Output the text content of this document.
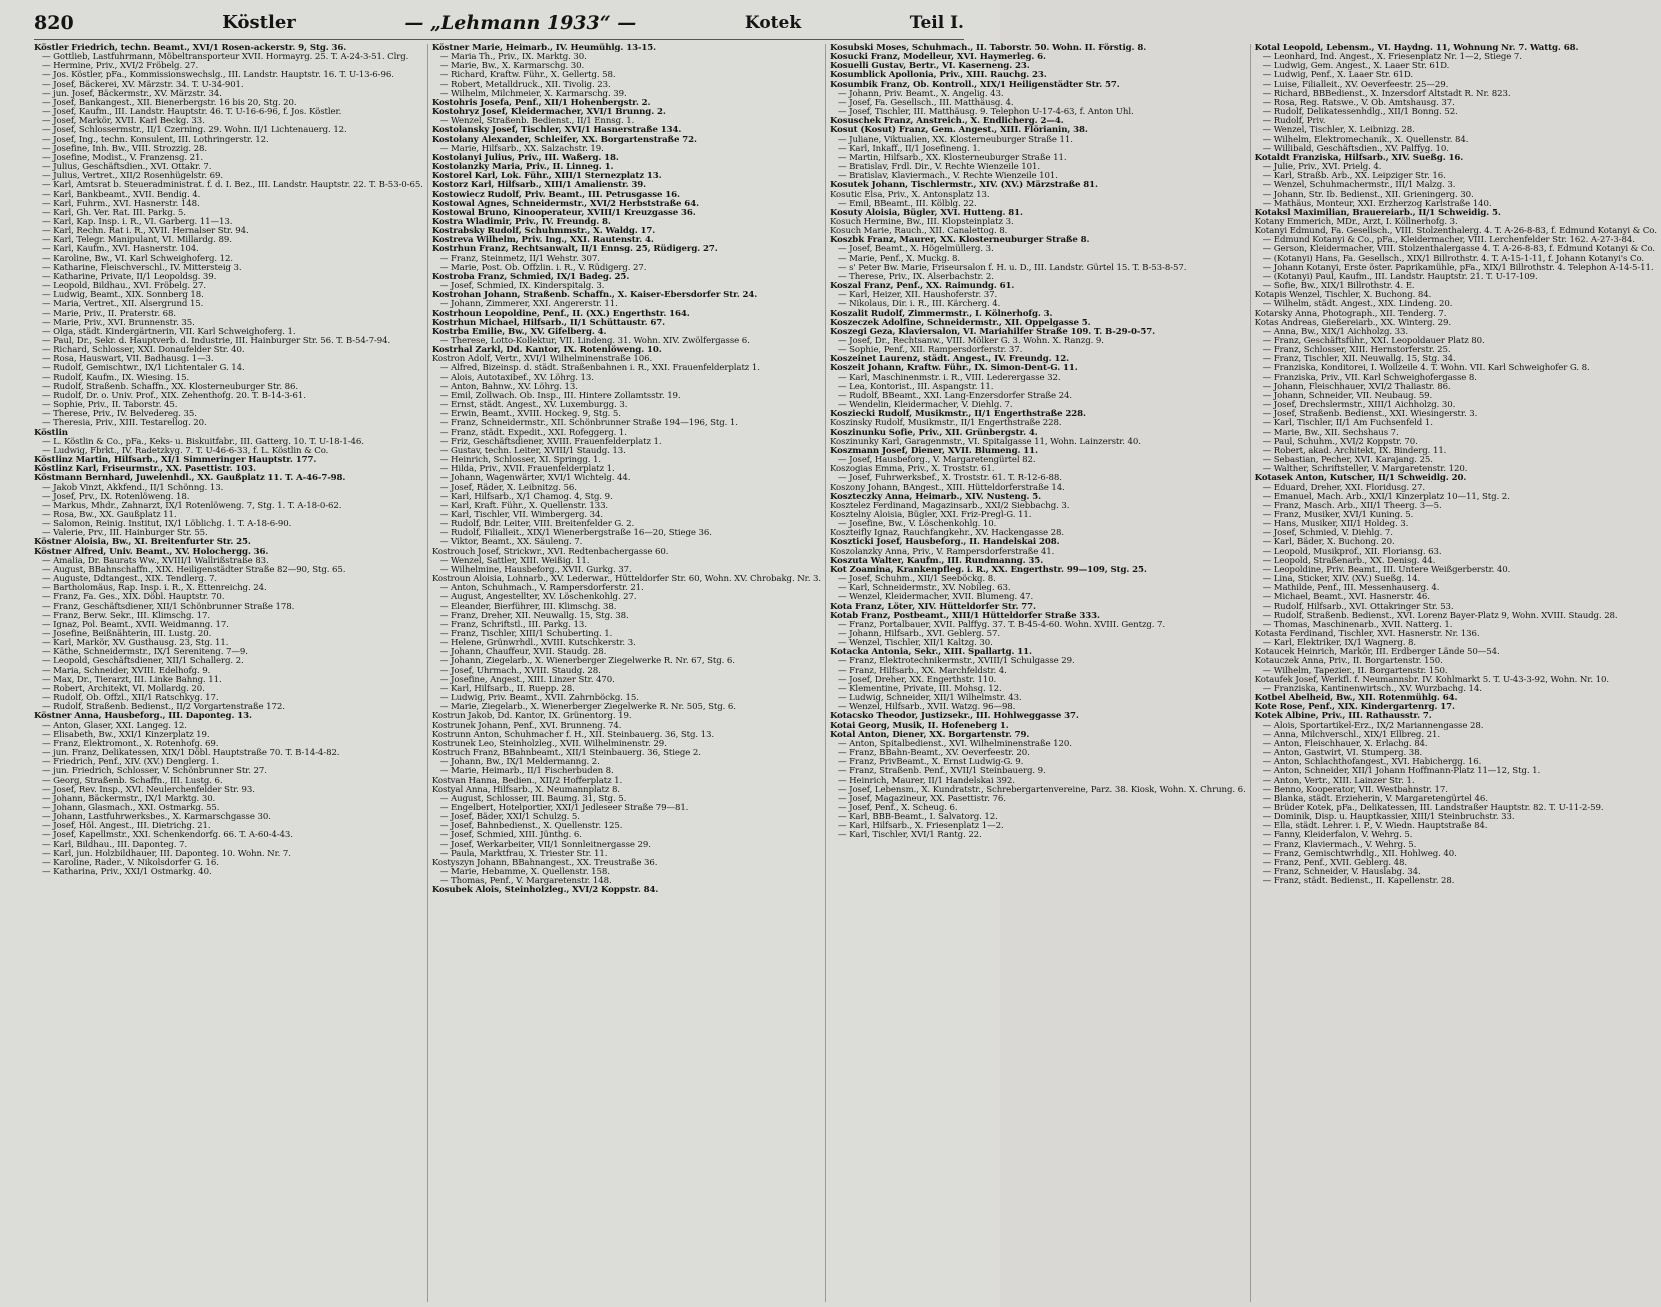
820	Köstler	— „Lehmann 1933“ —	Kotek	Teil I.
Köstler Friedrich, techn. Beamt., XVI/1 Rosen-ackerstr. 9, Stg. 36.
— Gottlieb, Lastfuhrmann, Möbeltransporteur XVII. Hormayrg. 25. T. A-24-3-51. Clrg.
— Hermine, Priv., XVI/2 Fröbelg. 27.
— Jos. Köstler, pFa., Kommissionswechslg., III. Landstr. Hauptstr. 16. T. U-13-6-96.
— Josef, Bäckerei, XV. Märzstr. 34. T. U-34-901.
— jun. Josef, Bäckermstr., XV. Märzstr. 34.
— Josef, Bankangest., XII. Bienerbergstr. 16 bis 20, Stg. 20.
— Josef, Kaufm., III. Landstr. Hauptstr. 46. T. U-16-6-96, f. Jos. Köstler.
— Josef, Markör, XVII. Karl Beckg. 33.
— Josef, Schlossermstr., II/1 Czerning. 29. Wohn. II/1 Lichtenauerg. 12.
— Josef, Ing., techn. Konsulent, III. Lothringerstr. 12.
— Josefine, Inh. Bw., VIII. Strozzig. 28.
— Josefine, Modist., V. Franzensg. 21.
— Julius, Geschäftsdien., XVI. Ottakr. 7.
— Julius, Vertret., XII/2 Rosenhügelstr. 69.
— Karl, Amtsrat b. Steueradministrat. f. d. I. Bez., III. Landstr. Hauptstr. 22. T. B-53-0-65.
— Karl, Bankbeamt., XVII. Bendig. 4.
— Karl, Fuhrm., XVI. Hasnerstr. 148.
— Karl, Gh. Ver. Rat. III. Parkg. 5.
— Karl, Kap. Insp. i. R., VI. Garberg. 11—13.
— Karl, Rechn. Rat i. R., XVII. Hernalser Str. 94.
— Karl, Telegr. Manipulant, VI. Millardg. 89.
— Karl, Kaufm., XVI. Hasnerstr. 104.
— Karoline, Bw., VI. Karl Schweighoferg. 12.
— Katharine, Fleischverschl., IV. Mittersteig 3.
— Katharine, Private, II/1 Leopoldsg. 39.
— Leopold, Bildhau., XVI. Fröbelg. 27.
— Ludwig, Beamt., XIX. Sonnberg 18.
— Maria, Vertret., XII. Alsergrund 15.
— Marie, Priv., II. Praterstr. 68.
— Marie, Priv., XVI. Brunnenstr. 35.
— Olga, städt. Kindergärtnerin, VII. Karl Schweighoferg. 1.
— Paul, Dr., Sekr. d. Hauptverb. d. Industrie, III. Hainburger Str. 56. T. B-54-7-94.
— Richard, Schlosser, XXI. Donaufelder Str. 40.
— Rosa, Hauswart, VII. Badhausg. 1—3.
— Rudolf, Gemischtwr., IX/1 Lichtentaler G. 14.
— Rudolf, Kaufm., IX. Wiesing. 15.
— Rudolf, Straßenb. Schaffn., XX. Klosterneuburger Str. 86.
— Rudolf, Dr. o. Univ. Prof., XIX. Zehenthofg. 20. T. B-14-3-61.
— Sophie, Priv., II. Taborstr. 45.
— Therese, Priv., IV. Belvedereg. 35.
— Theresia, Priv., XIII. Testarellog. 20.
Köstlin
— L. Köstlin & Co., pFa., Keks- u. Biskuitfabr., III. Gatterg. 10. T. U-18-1-46.
— Ludwig, Fbrkt., IV. Radetzkyg. 7. T. U-46-6-33, f. L. Köstlin & Co.
Köstlinz Martin, Hilfsarb., XI/1 Simmeringer Hauptstr. 177.
Köstlinz Karl, Friseurmstr., XX. Pasettistr. 103.
Köstmann Bernhard, Juwelenhdl., XX. Gaußplatz 11. T. A-46-7-98.
— Jakob Vinzt, Akkfend., II/1 Schönng. 13.
— Josef, Prv., IX. Rotenlöweng. 18.
— Markus, Mhdr., Zahnarzt, IX/1 Rotenlöweng. 7, Stg. 1. T. A-18-0-62.
— Rosa, Bw., XX. Gaußplatz 11.
— Salomon, Reinig. Institut, IX/1 Löblichg. 1. T. A-18-6-90.
— Valerie, Prv., III. Hainburger Str. 55.
Köstner Aloisia, Bw., XI. Breitenfurter Str. 25.
Köstner Alfred, Univ. Beamt., XV. Holochergg. 36.
— Amalia, Dr. Baurats Ww., XVIII/1 Wallrißstraße 83.
— August, BBahnschaffn., XIX. Heiligenstädter Straße 82—90, Stg. 65.
— Auguste, Ddtangest., XIX. Tendlerg. 7.
— Bartholomäus, Rap. Insp. i. R., X. Ettenreichg. 24.
— Franz, Fa. Ges., XIX. Döbl. Hauptstr. 70.
— Franz, Geschäftsdiener, XII/1 Schönbrunner Straße 178.
— Franz, Berw. Sekr., III. Klimschg. 17.
— Ignaz, Pol. Beamt., XVII. Weidmanng. 17.
— Josefine, Beißnähterin, III. Lustg. 20.
— Karl, Markör, XV. Gusthausg. 23, Stg. 11.
— Käthe, Schneidermstr., IX/1 Sereniteng. 7—9.
— Leopold, Geschäftsdiener, XII/1 Schallerg. 2.
— Maria, Schneider, XVIII. Edelhofg. 9.
— Max, Dr., Tierarzt, III. Linke Bahng. 11.
— Robert, Architekt, VI. Mollardg. 20.
— Rudolf, Ob. Offzl., XII/1 Ratschkyg. 17.
— Rudolf, Straßenb. Bedienst., II/2 Vorgartenstraße 172.
Köstner Anna, Hausbeforg., III. Daponteg. 13.
— Anton, Glaser, XXI. Langeg. 12.
— Elisabeth, Bw., XXI/1 Kinzerplatz 19.
— Franz, Elektromont., X. Rotenhofg. 69.
— jun. Franz, Delikatessen, XIX/1 Döbl. Hauptstraße 70. T. B-14-4-82.
— Friedrich, Penf., XIV. (XV.) Denglerg. 1.
— jun. Friedrich, Schlosser, V. Schönbrunner Str. 27.
— Georg, Straßenb. Schaffn., III. Lustg. 6.
— Josef, Rev. Insp., XVI. Neulerchenfelder Str. 93.
— Johann, Bäckermstr., IX/1 Marktg. 30.
— Johann, Glasmach., XXI. Ostmarkg. 55.
— Johann, Lastfuhrwerksbes., X. Karmarschgasse 30.
— Josef, Höl. Angest., III. Dietrichg. 21.
— Josef, Kapellmstr., XXI. Schenkendorfg. 66. T. A-60-4-43.
— Karl, Bildhau., III. Daponteg. 7.
— Karl, jun. Holzbildhauer, III. Daponteg. 10. Wohn. Nr. 7.
— Karoline, Rader., V. Nikolsdorfer G. 16.
— Katharina, Priv., XXI/1 Ostmarkg. 40.
Köstner Marie, Heimarb., IV. Heumühlg. 13-15.
— Maria Th., Priv., IX. Marktg. 30.
— Marie, Bw., X. Karmarschg. 30.
— Richard, Kraftw. Führ., X. Gellertg. 58.
— Robert, Metalldruck., XII. Tivolig. 23.
— Wilhelm, Milchmeier, X. Karmarschg. 39.
Kostohris Josefa, Penf., XII/1 Hohenbergstr. 2.
Kostohryz Josef, Kleidermacher, XVI/1 Brunng. 2.
— Wenzel, Straßenb. Bedienst., II/1 Ennsg. 1.
Kostolansky Josef, Tischler, XVI/1 Hasnerstraße 134.
Kostolany Alexander, Schleifer, XX. Borgartenstraße 72.
— Marie, Hilfsarb., XX. Salzachstr. 19.
Kostolanyi Julius, Priv., III. Waßerg. 18.
Kostolanzky Maria, Priv., II. Linneg. 1.
Kostorel Karl, Lok. Führ., XIII/1 Sternezplatz 13.
Kostorz Karl, Hilfsarb., XIII/1 Amalienstr. 39.
Kostowiecz Rudolf, Priv. Beamt., III. Petrusgasse 16.
Kostowal Agnes, Schneidermstr., XVI/2 Herbststraße 64.
Kostowal Bruno, Kinooperateur, XVIII/1 Kreuzgasse 36.
Kostra Wladimir, Priv., IV. Freundg. 8.
Kostrabsky Rudolf, Schuhmmstr., X. Waldg. 17.
Kostreva Wilhelm, Priv. Ing., XXI. Rautenstr. 4.
Kostrhun Franz, Rechtsanwalt, II/1 Ennsg. 25, Rüdigerg. 27.
— Franz, Steinmetz, II/1 Wehstr. 307.
— Marie, Post. Ob. Offzlin. i. R., V. Rüdigerg. 27.
Kostroba Franz, Schmied, IX/1 Badeg. 25.
— Josef, Schmied, IX. Kinderspitalg. 3.
Kostrohan Johann, Straßenb. Schaffn., X. Kaiser-Ebersdorfer Str. 24.
— Johann, Zimmerer, XXI. Angererstr. 11.
Kostrhoun Leopoldine, Penf., II. (XX.) Engerthstr. 164.
Kostrhun Michael, Hilfsarb., II/1 Schüttaustr. 67.
Kostrba Emilie, Bw., XV. Gifelberg. 4.
— Therese, Lotto-Kollektur, VII. Lindeng. 31. Wohn. XIV. Zwölfergasse 6.
Kostrhal Zarkl, Dd. Kantor, IX. Rotenlöweng. 10.
Kostron Adolf, Vertr., XVI/1 Wilhelminenstraße 106.
— Alfred, Bizeinsp. d. städt. Straßenbahnen i. R., XXI. Frauenfelderplatz 1.
— Alois, Autotaxibef., XV. Löhrg. 13.
— Anton, Bahnw., XV. Löhrg. 13.
— Emil, Zollwach. Ob. Insp., III. Hintere Zollamtsstr. 19.
— Ernst, städt. Angest., XV. Luxemburgg. 3.
— Erwin, Beamt., XVIII. Hockeg. 9, Stg. 5.
— Franz, Schneidermstr., XII. Schönbrunner Straße 194—196, Stg. 1.
— Franz, städt. Expedit., XXI. Rofeggerg. 1.
— Friz, Geschäftsdiener, XVIII. Frauenfelderplatz 1.
— Gustav, techn. Leiter, XVIII/1 Staudg. 13.
— Heinrich, Schlosser, XI. Springg. 1.
— Hilda, Priv., XVII. Frauenfelderplatz 1.
— Johann, Wagenwärter, XVI/1 Wichtelg. 44.
— Josef, Räder, X. Leibnitzg. 56.
— Karl, Hilfsarb., X/1 Chamog. 4, Stg. 9.
— Karl, Kraft. Führ., X. Quellenstr. 133.
— Karl, Tischler, VII. Wimbergerg. 34.
— Rudolf, Bdr. Leiter, VIII. Breitenfelder G. 2.
— Rudolf, Filialleit., XIX/1 Wienerbergstraße 16—20, Stiege 36.
— Viktor, Beamt., XX. Säuleng. 7.
Kostrouch Josef, Strickwr., XVI. Redtenbachergasse 60.
— Wenzel, Sattler, XIII. Weißig. 11.
— Wilhelmine, Hausbeforg., XVII. Gurkg. 37.
Kostroun Aloisia, Lohnarb., XV. Lederwar., Hütteldorfer Str. 60, Wohn. XV. Chrobakg. Nr. 3.
— Anton, Schuhmach., V. Rampersdorferstr. 21.
— August, Angestellter, XV. Löschenkohlg. 27.
— Eleander, Bierführer, III. Klimschg. 38.
— Franz, Dreher, XII. Neuwallg. 15, Stg. 38.
— Franz, Schriftstl., III. Parkg. 13.
— Franz, Tischler, XIII/1 Schuberting. 1.
— Helene, Grünwrhdl., XVIII. Kutschkerstr. 3.
— Johann, Chauffeur, XVII. Staudg. 28.
— Johann, Ziegelarb., X. Wienerberger Ziegelwerke R. Nr. 67, Stg. 6.
— Josef, Uhrmach., XVIII. Staudg. 28.
— Josefine, Angest., XIII. Linzer Str. 470.
— Karl, Hilfsarb., II. Ruepp. 28.
— Ludwig, Priv. Beamt., XVII. Zahrnböckg. 15.
— Marie, Ziegelarb., X. Wienerberger Ziegelwerke R. Nr. 505, Stg. 6.
Kostrun Jakob, Dd. Kantor, IX. Grünentorg. 19.
Kostrunek Johann, Penf., XVI. Brunneng. 74.
Kostrunn Anton, Schuhmacher f. H., XII. Steinbauerg. 36, Stg. 13.
Kostrunek Leo, Steinholzleg., XVII. Wilhelminenstr. 29.
Kostruch Franz, BBahnbeamt., XII/1 Steinbauerg. 36, Stiege 2.
— Johann, Bw., IX/1 Meldermanng. 2.
— Marie, Heimarb., II/1 Fischerbuden 8.
Kostvan Hanna, Bedien., XII/2 Hofferplatz 1.
Kostyal Anna, Hilfsarb., X. Neumannplatz 8.
— August, Schlosser, III. Baumg. 31, Stg. 5.
— Engelbert, Hotelportier, XXI/1 Jedleseer Straße 79—81.
— Josef, Bäder, XXI/1 Schulzg. 5.
— Josef, Bahnbedienst., X. Quellenstr. 125.
— Josef, Schmied, XIII. Jünthg. 6.
— Josef, Werkarbeiter, VII/1 Sonnleitnergasse 29.
— Paula, Marktfrau, X. Triester Str. 11.
Kostyszyn Johann, BBahnangest., XX. Treustraße 36.
— Marie, Hebamme, X. Quellenstr. 158.
— Thomas, Penf., V. Margaretenstr. 148.
Kosubek Alois, Steinholzleg., XVI/2 Koppstr. 84.
Kosubski Moses, Schuhmach., II. Taborstr. 50. Wohn. II. Förstig. 8.
Kosucki Franz, Modelleur, XVI. Haymerleg. 6.
Kosuelli Gustav, Bertr., VI. Kaserneng. 23.
Kosumblick Apollonia, Priv., XIII. Rauchg. 23.
Kosumbik Franz, Ob. Kontroll., XIX/1 Heiligenstädter Str. 57.
— Johann, Priv. Beamt., X. Angelig. 43.
— Josef, Fa. Gesellsch., III. Matthäusg. 4.
— Josef, Tischler, III. Matthäusg. 9. Telephon U-17-4-63, f. Anton Uhl.
Kosuschek Franz, Anstreich., X. Endlicherg. 2—4.
Kosut (Kosut) Franz, Gem. Angest., XIII. Flörianin, 38.
— Juliane, Viktualien, XX. Klosterneuburger Straße 11.
— Karl, Inkaff., II/1 Josefineng. 1.
— Martin, Hilfsarb., XX. Klosterneuburger Straße 11.
— Bratislav, Frdl. Dir., V. Rechte Wienzeile 101.
— Bratislav, Klaviermach., V. Rechte Wienzeile 101.
Kosutek Johann, Tischlermstr., XIV. (XV.) Märzstraße 81.
Kosutic Elsa, Priv., X. Antonsplatz 13.
— Emil, BBeamt., III. Kölblg. 22.
Kosuty Aloisia, Bügler, XVI. Hutteng. 81.
Kosuch Hermine, Bw., III. Klopsteinplatz 3.
Kosuch Marie, Rauch., XII. Canalettog. 8.
Koszbk Franz, Maurer, XX. Klosterneuburger Straße 8.
— Josef, Beamt., X. Högelmüllerg. 3.
— Marie, Penf., X. Muckg. 8.
— s' Peter Bw. Marie, Friseursalon f. H. u. D., III. Landstr. Gürtel 15. T. B-53-8-57.
— Therese, Priv., IX. Alserbachstr. 2.
Koszal Franz, Penf., XX. Raimundg. 61.
— Karl, Heizer, XII. Haushoferstr. 37.
— Nikolaus, Dir. i. R., III. Kärcherg. 4.
Koszalit Rudolf, Zimmermstr., I. Kölnerhofg. 3.
Koszeczek Adolfine, Schneidermstr., XII. Oppelgasse 5.
Koszegi Geza, Klaviersalon, VI. Mariahilfer Straße 109. T. B-29-0-57.
— Josef, Dr., Rechtsanw., VIII. Mölker G. 3. Wohn. X. Ranzg. 9.
— Sophie, Penf., XII. Rampersdorferstr. 37.
Koszeinet Laurenz, städt. Angest., IV. Freundg. 12.
Koszeit Johann, Kraftw. Führ., IX. Simon-Dent-G. 11.
— Karl, Maschinenmstr. i. R., VIII. Lederergasse 32.
— Lea, Kontorist., III. Aspangstr. 11.
— Rudolf, BBeamt., XXI. Lang-Enzersdorfer Straße 24.
— Wendelin, Kleidermacher, V. Diehlg. 7.
Kosziecki Rudolf, Musikmstr., II/1 Engerthstraße 228.
Koszinsky Rudolf, Musikmstr., II/1 Engerthstraße 228.
Koszinunku Sofie, Priv., XII. Grünbergstr. 4.
Koszinunky Karl, Garagenmstr., VI. Spitalgasse 11, Wohn. Lainzerstr. 40.
Koszmann Josef, Diener, XVII. Blumeng. 11.
— Josef, Hausbeforg., V. Margaretengürtel 82.
Koszogias Emma, Priv., X. Troststr. 61.
— Josef, Fuhrwerksbef., X. Troststr. 61. T. R-12-6-88.
Koszony Johann, BAngest., XIII. Hütteldorferstraße 14.
Koszteczky Anna, Heimarb., XIV. Nusteng. 5.
Kosztelez Ferdinand, Magazinsarb., XXI/2 Siebbachg. 3.
Kosztelny Aloisia, Bügler, XXI. Friz-Pregl-G. 11.
— Josefine, Bw., V. Löschenkohlg. 10.
Koszteifly Ignaz, Rauchfangkehr., XV. Hackengasse 28.
Koszticki Josef, Hausbeforg., II. Handelskai 208.
Koszolanzky Anna, Priv., V. Rampersdorferstraße 41.
Koszuta Walter, Kaufm., III. Rundmanng. 35.
Kot Zoamina, Krankenpfleg. i. R., XX. Engerthstr. 99—109, Stg. 25.
— Josef, Schuhm., XII/1 Seeböckg. 8.
— Karl, Schneidermstr., XV. Nobileg. 63.
— Wenzel, Kleidermacher, XVII. Blumeng. 47.
Kota Franz, Löter, XIV. Hütteldorfer Str. 77.
Kotab Franz, Postbeamt., XIII/1 Hütteldorfer Straße 333.
— Franz, Portalbauer, XVII. Palffyg. 37. T. B-45-4-60. Wohn. XVIII. Gentzg. 7.
— Johann, Hilfsarb., XVI. Geblerg. 57.
— Wenzel, Tischler, XII/1 Kaltzg. 30.
Kotacka Antonia, Sekr., XIII. Spallartg. 11.
— Franz, Elektrotechnikermstr., XVIII/1 Schulgasse 29.
— Franz, Hilfsarb., XX. Marchfeldstr. 4.
— Josef, Dreher, XX. Engerthstr. 110.
— Klementine, Private, III. Mohsg. 12.
— Ludwig, Schneider, XII/1 Wilhelmstr. 43.
— Wenzel, Hilfsarb., XVII. Watzg. 96—98.
Kotacsko Theodor, Justizsekr., III. Hohlweggasse 37.
Kotai Georg, Musik, II. Hofeneberg 1.
Kotal Anton, Diener, XX. Borgartenstr. 79.
— Anton, Spitalbedienst., XVI. Wilhelminenstraße 120.
— Franz, BBahn-Beamt., XV. Oeverfeestr. 20.
— Franz, PrivBeamt., X. Ernst Ludwig-G. 9.
— Franz, Straßenb. Penf., XVII/1 Steinbauerg. 9.
— Heinrich, Maurer, II/1 Handelskai 392.
— Josef, Lebensm., X. Kundratstr., Schrebergartenvereine, Parz. 38. Kiosk, Wohn. X. Chrung. 6.
— Josef, Magazineur, XX. Pasettistr. 76.
— Josef, Penf., X. Scheug. 6.
— Karl, BBB-Beamt., I. Salvatorg. 12.
— Karl, Hilfsarb., X. Friesenplatz 1—2.
— Karl, Tischler, XVI/1 Rantg. 22.
Kotal Leopold, Lebensm., VI. Haydng. 11, Wohnung Nr. 7. Wattg. 68.
— Leonhard, Ind. Angest., X. Friesenplatz Nr. 1—2, Stiege 7.
— Ludwig, Gem. Angest., X. Laaer Str. 61D.
— Ludwig, Penf., X. Laaer Str. 61D.
— Luise, Filialleit., XV. Oeverfeestr. 25—29.
— Richard, BBBedienst., X. Inzersdorf Altstadt R. Nr. 823.
— Rosa, Reg. Ratswe., V. Ob. Amtshausg. 37.
— Rudolf, Delikatessenhdlg., XII/1 Bonng. 52.
— Rudolf, Priv.
— Wenzel, Tischler, X. Leibnizg. 28.
— Wilhelm, Elektromechanik., X. Quellenstr. 84.
— Willibald, Geschäftsdien., XV. Palffyg. 10.
Kotaldt Franziska, Hilfsarb., XIV. Sueßg. 16.
— Julie, Priv., XVI. Prielg. 4.
— Karl, Straßb. Arb., XX. Leipziger Str. 16.
— Wenzel, Schuhmachermstr., III/1 Malzg. 3.
— Johann, Str. Ib. Bedienst., XII. Grieningerg. 30.
— Mathäus, Monteur, XXI. Erzherzog Karlstraße 140.
Kotaksl Maximilian, Brauereiarb., II/1 Schweidig. 5.
Kotany Emmerich, MDr., Arzt, I. Köllnerhofg. 3.
Kotanyi Edmund, Fa. Gesellsch., VIII. Stolzenthalerg. 4. T. A-26-8-83, f. Edmund Kotanyi & Co.
— Edmund Kotanyi & Co., pFa., Kleidermacher, VIII. Lerchenfelder Str. 162. A-27-3-84.
— Gerson, Kleidermacher, VIII. Stolzenthalergasse 4. T. A-26-8-83, f. Edmund Kotanyi & Co.
— (Kotanyi) Hans, Fa. Gesellsch., XIX/1 Billrothstr. 4. T. A-15-1-11, f. Johann Kotanyi's Co.
— Johann Kotanyi, Erste öster. Paprikamühle, pFa., XIX/1 Billrothstr. 4. Telephon A-14-5-11.
— (Kotanyi) Paul, Kaufm., III. Landstr. Hauptstr. 21. T. U-17-109.
— Sofie, Bw., XIX/1 Billrothstr. 4. E.
Kotapis Wenzel, Tischler, X. Buchong. 84.
— Wilhelm, städt. Angest., XIX. Lindeng. 20.
Kotarsky Anna, Photograph., XII. Tenderg. 7.
Kotas Andreas, Gießereiarb., XX. Winterg. 29.
— Anna, Bw., XIX/1 Aichholzg. 33.
— Franz, Geschäftsführ., XXI. Leopoldauer Platz 80.
— Franz, Schlosser, XIII. Hernstorferstr. 25.
— Franz, Tischler, XII. Neuwallg. 15, Stg. 34.
— Franziska, Konditorei, I. Wollzeile 4. T. Wohn. VII. Karl Schweighofer G. 8.
— Franziska, Priv., VII. Karl Schweighofergasse 8.
— Johann, Fleischhauer, XVI/2 Thaliastr. 86.
— Johann, Schneider, VII. Neubaug. 59.
— Josef, Drechslermstr., XIII/1 Aichholzg. 30.
— Josef, Straßenb. Bedienst., XXI. Wiesingerstr. 3.
— Karl, Tischler, II/1 Am Fuchsenfeld 1.
— Marie, Bw., XII. Sechshaus 7.
— Paul, Schuhm., XVI/2 Koppstr. 70.
— Robert, akad. Architekt, IX. Binderg. 11.
— Sebastian, Pecher, XVI. Karajang. 25.
— Walther, Schriftsteller, V. Margaretenstr. 120.
Kotasek Anton, Kutscher, II/1 Schweidlg. 20.
— Eduard, Dreher, XXI. Floridusg. 27.
— Emanuel, Mach. Arb., XXI/1 Kinzerplatz 10—11, Stg. 2.
— Franz, Masch. Arb., XII/1 Theerg. 3—5.
— Franz, Musiker, XVI/1 Kuning. 5.
— Hans, Musiker, XII/1 Holdeg. 3.
— Josef, Schmied, V. Diehlg. 7.
— Karl, Bäder, X. Buchong. 20.
— Leopold, Musikprof., XII. Floriansg. 63.
— Leopold, Straßenarb., XX. Denisg. 44.
— Leopoldine, Priv. Beamt., III. Untere Weißgerberstr. 40.
— Lina, Sticker, XIV. (XV.) Sueßg. 14.
— Mathilde, Penf., III. Messenhauserg. 4.
— Michael, Beamt., XVI. Hasnerstr. 46.
— Rudolf, Hilfsarb., XVI. Ottakringer Str. 53.
— Rudolf, Straßenb. Bedienst., XVI. Lorenz Bayer-Platz 9, Wohn. XVIII. Staudg. 28.
— Thomas, Maschinenarb., XVII. Natterg. 1.
Kotasta Ferdinand, Tischler, XVI. Hasnerstr. Nr. 136.
— Karl, Elektriker, IX/1 Wagnerg. 8.
Kotaucek Heinrich, Markör, III. Erdberger Lände 50—54.
Kotauczek Anna, Priv., II. Borgartenstr. 150.
— Wilhelm, Tapezier., II. Borgartenstr. 150.
Kotaufek Josef, Werkfl. f. Neumannsbr. IV. Kohlmarkt 5. T. U-43-3-92, Wohn. Nr. 10.
— Franziska, Kantinenwirtsch., XV. Wurzbachg. 14.
Kotbel Abelheid, Bw., XII. Rotenmühlg. 64.
Kote Rose, Penf., XIX. Kindergartenrg. 17.
Kotek Albine, Priv., III. Rathausstr. 7.
— Alois, Sportartikel-Erz., IX/2 Mariannengasse 28.
— Anna, Milchverschl., XIX/1 Ellbreg. 21.
— Anton, Fleischhauer, X. Erlachg. 84.
— Anton, Gastwirt, VI. Stumperg. 38.
— Anton, Schlachthofangest., XVI. Habichergg. 16.
— Anton, Schneider, XII/1 Johann Hoffmann-Platz 11—12, Stg. 1.
— Anton, Vertr., XIII. Lainzer Str. 1.
— Benno, Kooperator, VII. Westbahnstr. 17.
— Blanka, städt. Erzieherin, V. Margaretengürtel 46.
— Brüder Kotek, pFa., Delikatessen, III. Landstraßer Hauptstr. 82. T. U-11-2-59.
— Dominik, Disp. u. Hauptkassier, XIII/1 Steinbruchstr. 33.
— Ella, städt. Lehrer. i. P., V. Wiedn. Hauptstraße 84.
— Fanny, Kleiderfalon, V. Wehrg. 5.
— Franz, Klaviermach., V. Wehrg. 5.
— Franz, Gemischtwrhdlg., XII. Hohlweg. 40.
— Franz, Penf., XVII. Geblerg. 48.
— Franz, Schneider, V. Hauslabg. 34.
— Franz, städt. Bedienst., II. Kapellenstr. 28.
